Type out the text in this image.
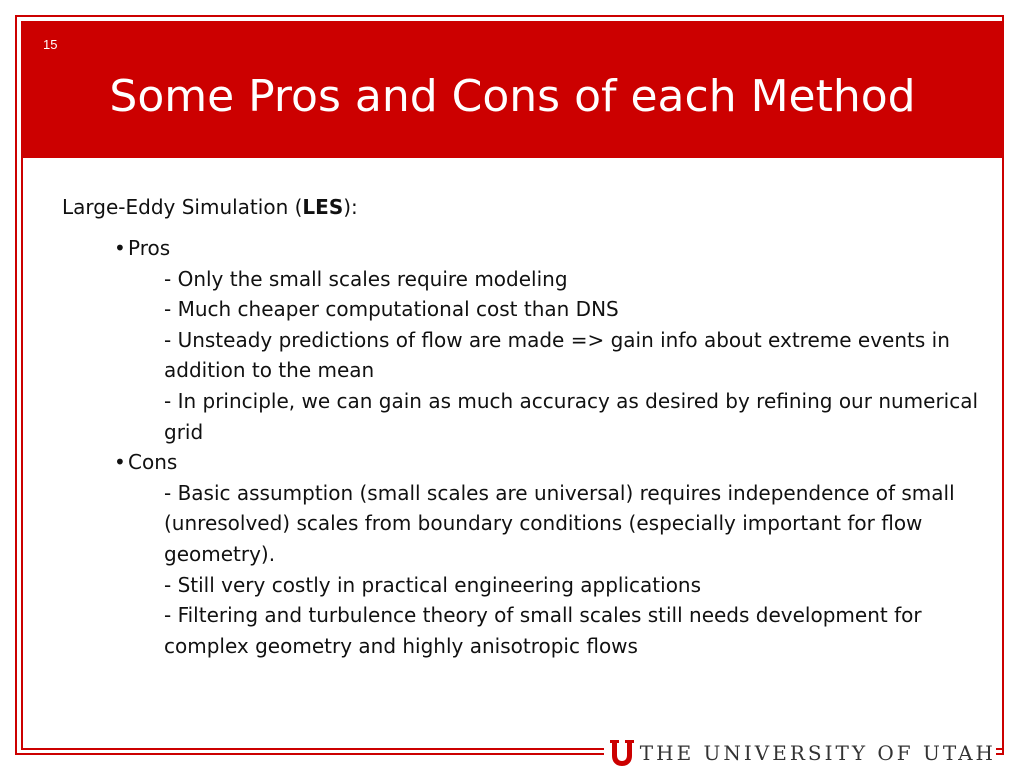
15
Some Pros and Cons of each Method
Large-Eddy Simulation (LES):
• Pros
- Only the small scales require modeling
- Much cheaper computational cost than DNS
- Unsteady predictions of flow are made => gain info about extreme events in addition to the mean
- In principle, we can gain as much accuracy as desired by refining our numerical grid
• Cons
- Basic assumption (small scales are universal) requires independence of small (unresolved) scales from boundary conditions (especially important for flow geometry).
- Still very costly in practical engineering applications
- Filtering and turbulence theory of small scales still needs development for complex geometry and highly anisotropic flows
THE UNIVERSITY OF UTAH
